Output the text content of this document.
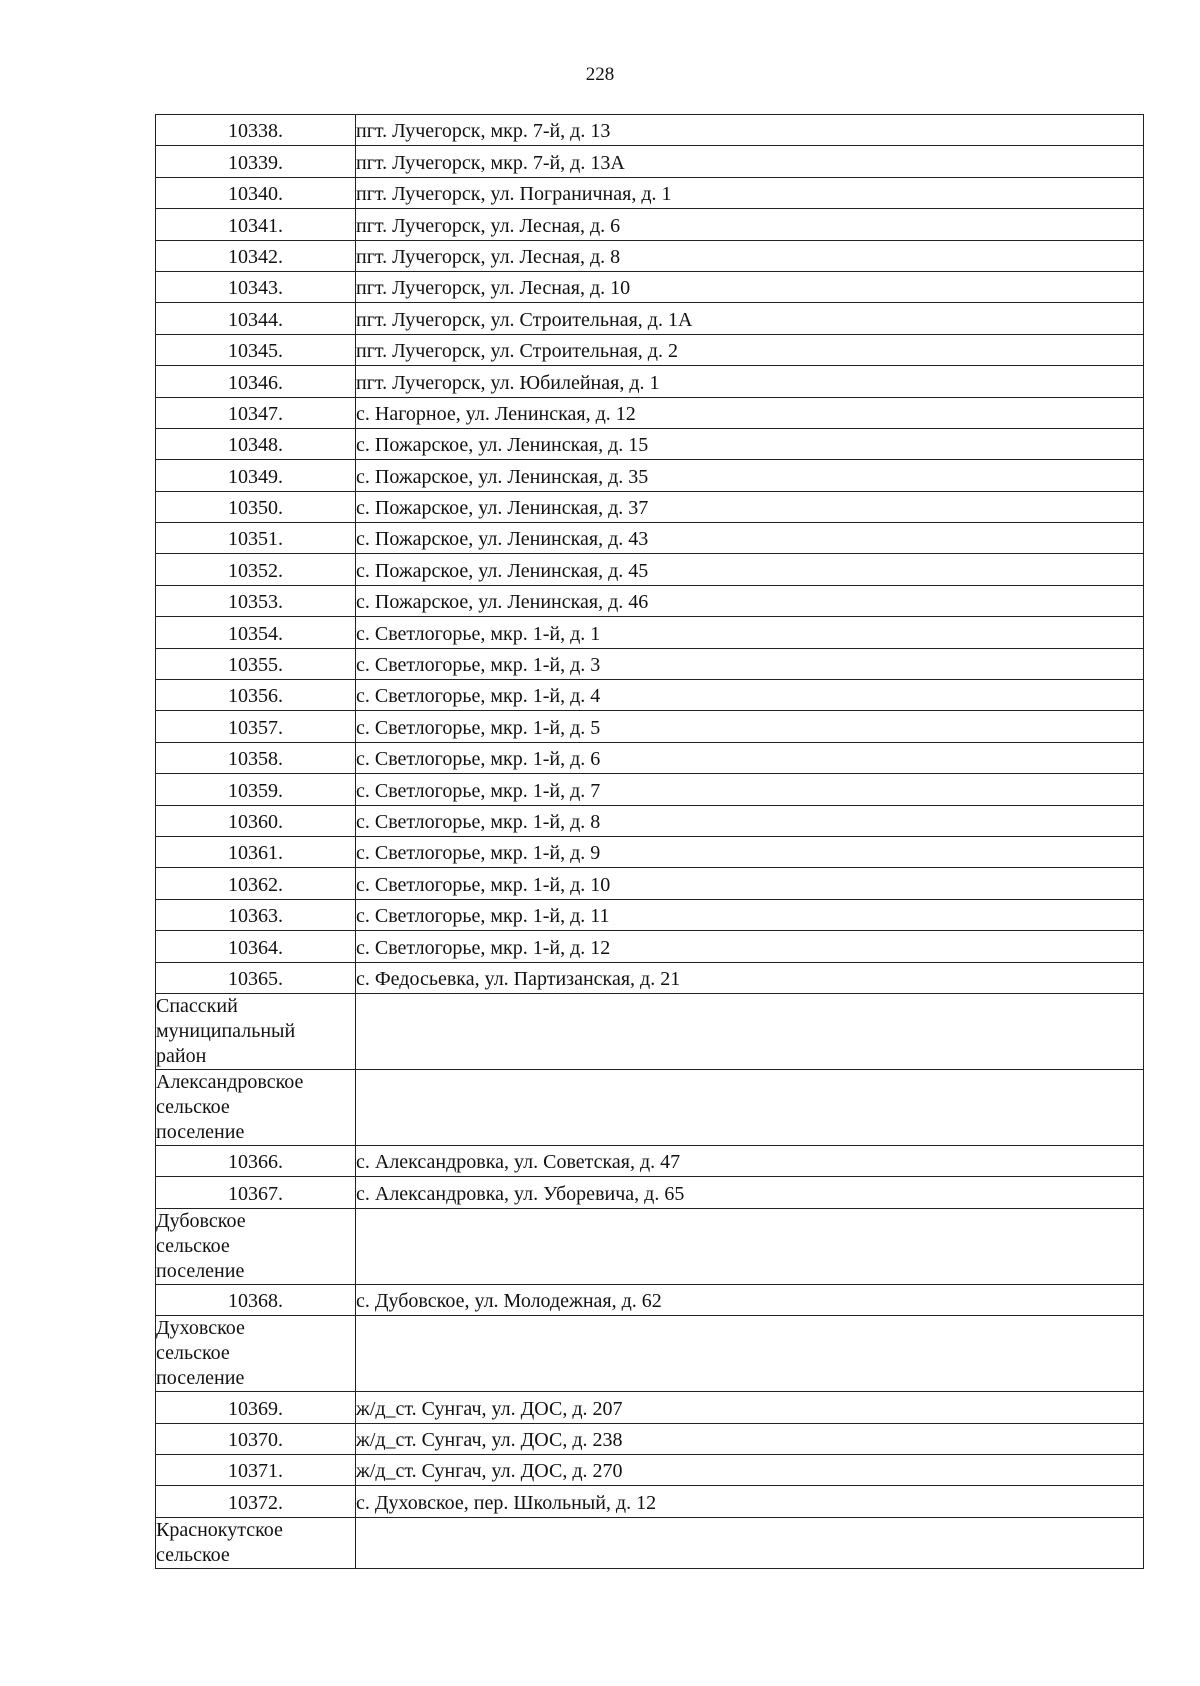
228
10338.	пгт. Лучегорск, мкр. 7-й, д. 13
10339.	пгт. Лучегорск, мкр. 7-й, д. 13А
10340.	пгт. Лучегорск, ул. Пограничная, д. 1
10341.	пгт. Лучегорск, ул. Лесная, д. 6
10342.	пгт. Лучегорск, ул. Лесная, д. 8
10343.	пгт. Лучегорск, ул. Лесная, д. 10
10344.	пгт. Лучегорск, ул. Строительная, д. 1А
10345.	пгт. Лучегорск, ул. Строительная, д. 2
10346.	пгт. Лучегорск, ул. Юбилейная, д. 1
10347.	с. Нагорное, ул. Ленинская, д. 12
10348.	с. Пожарское, ул. Ленинская, д. 15
10349.	с. Пожарское, ул. Ленинская, д. 35
10350.	с. Пожарское, ул. Ленинская, д. 37
10351.	с. Пожарское, ул. Ленинская, д. 43
10352.	с. Пожарское, ул. Ленинская, д. 45
10353.	с. Пожарское, ул. Ленинская, д. 46
10354.	с. Светлогорье, мкр. 1-й, д. 1
10355.	с. Светлогорье, мкр. 1-й, д. 3
10356.	с. Светлогорье, мкр. 1-й, д. 4
10357.	с. Светлогорье, мкр. 1-й, д. 5
10358.	с. Светлогорье, мкр. 1-й, д. 6
10359.	с. Светлогорье, мкр. 1-й, д. 7
10360.	с. Светлогорье, мкр. 1-й, д. 8
10361.	с. Светлогорье, мкр. 1-й, д. 9
10362.	с. Светлогорье, мкр. 1-й, д. 10
10363.	с. Светлогорье, мкр. 1-й, д. 11
10364.	с. Светлогорье, мкр. 1-й, д. 12
10365.	с. Федосьевка, ул. Партизанская, д. 21

Спасский
муниципальный
район	

Александровское
сельское
поселение	

10366.	с. Александровка, ул. Советская, д. 47
10367.	с. Александровка, ул. Уборевича, д. 65

Дубовское
сельское
поселение	

10368.	с. Дубовское, ул. Молодежная, д. 62

Духовское
сельское
поселение	

10369.	ж/д_ст. Сунгач, ул. ДОС, д. 207
10370.	ж/д_ст. Сунгач, ул. ДОС, д. 238
10371.	ж/д_ст. Сунгач, ул. ДОС, д. 270
10372.	с. Духовское, пер. Школьный, д. 12

Краснокутское
сельское	
